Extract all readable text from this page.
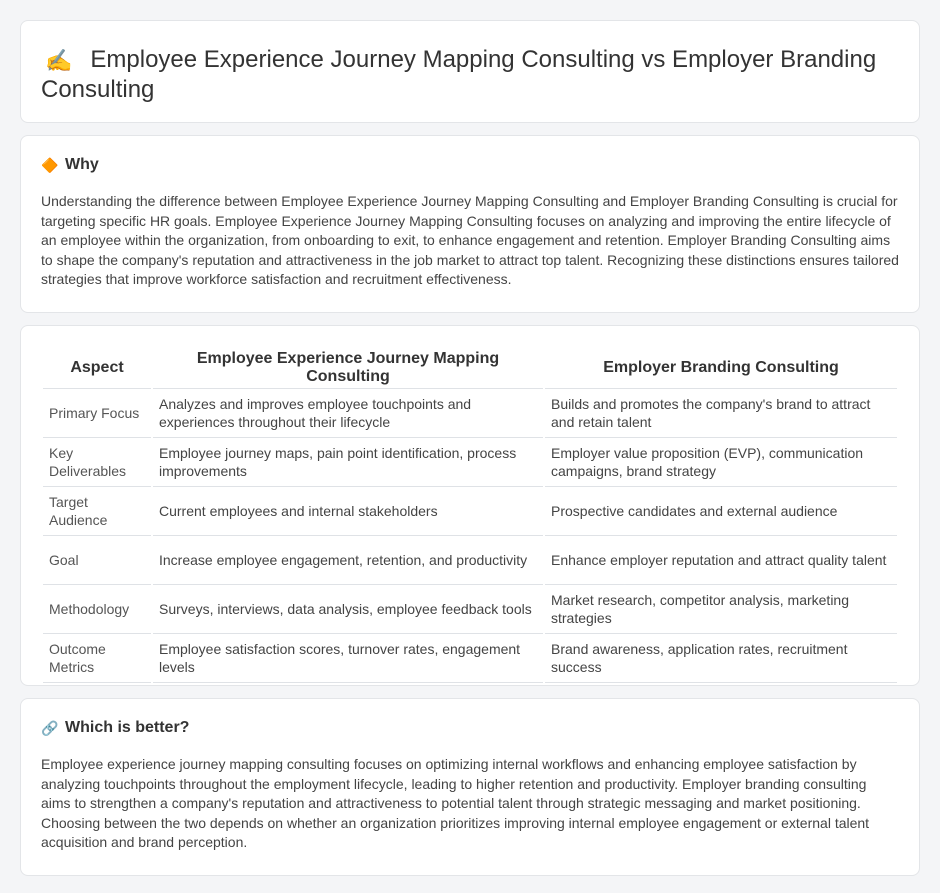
✍️ Employee Experience Journey Mapping Consulting vs Employer Branding Consulting
🔶 Why

Understanding the difference between Employee Experience Journey Mapping Consulting and Employer Branding Consulting is crucial for targeting specific HR goals. Employee Experience Journey Mapping Consulting focuses on analyzing and improving the entire lifecycle of an employee within the organization, from onboarding to exit, to enhance engagement and retention. Employer Branding Consulting aims to shape the company's reputation and attractiveness in the job market to attract top talent. Recognizing these distinctions ensures tailored strategies that improve workforce satisfaction and recruitment effectiveness.

Aspect	Employee Experience Journey Mapping Consulting	Employer Branding Consulting
Primary Focus	Analyzes and improves employee touchpoints and experiences throughout their lifecycle	Builds and promotes the company's brand to attract and retain talent
Key Deliverables	Employee journey maps, pain point identification, process improvements	Employer value proposition (EVP), communication campaigns, brand strategy
Target Audience	Current employees and internal stakeholders	Prospective candidates and external audience
Goal	Increase employee engagement, retention, and productivity	Enhance employer reputation and attract quality talent
Methodology	Surveys, interviews, data analysis, employee feedback tools	Market research, competitor analysis, marketing strategies
Outcome Metrics	Employee satisfaction scores, turnover rates, engagement levels	Brand awareness, application rates, recruitment success
🔗 Which is better?

Employee experience journey mapping consulting focuses on optimizing internal workflows and enhancing employee satisfaction by analyzing touchpoints throughout the employment lifecycle, leading to higher retention and productivity. Employer branding consulting aims to strengthen a company's reputation and attractiveness to potential talent through strategic messaging and market positioning. Choosing between the two depends on whether an organization prioritizes improving internal employee engagement or external talent acquisition and brand perception.
